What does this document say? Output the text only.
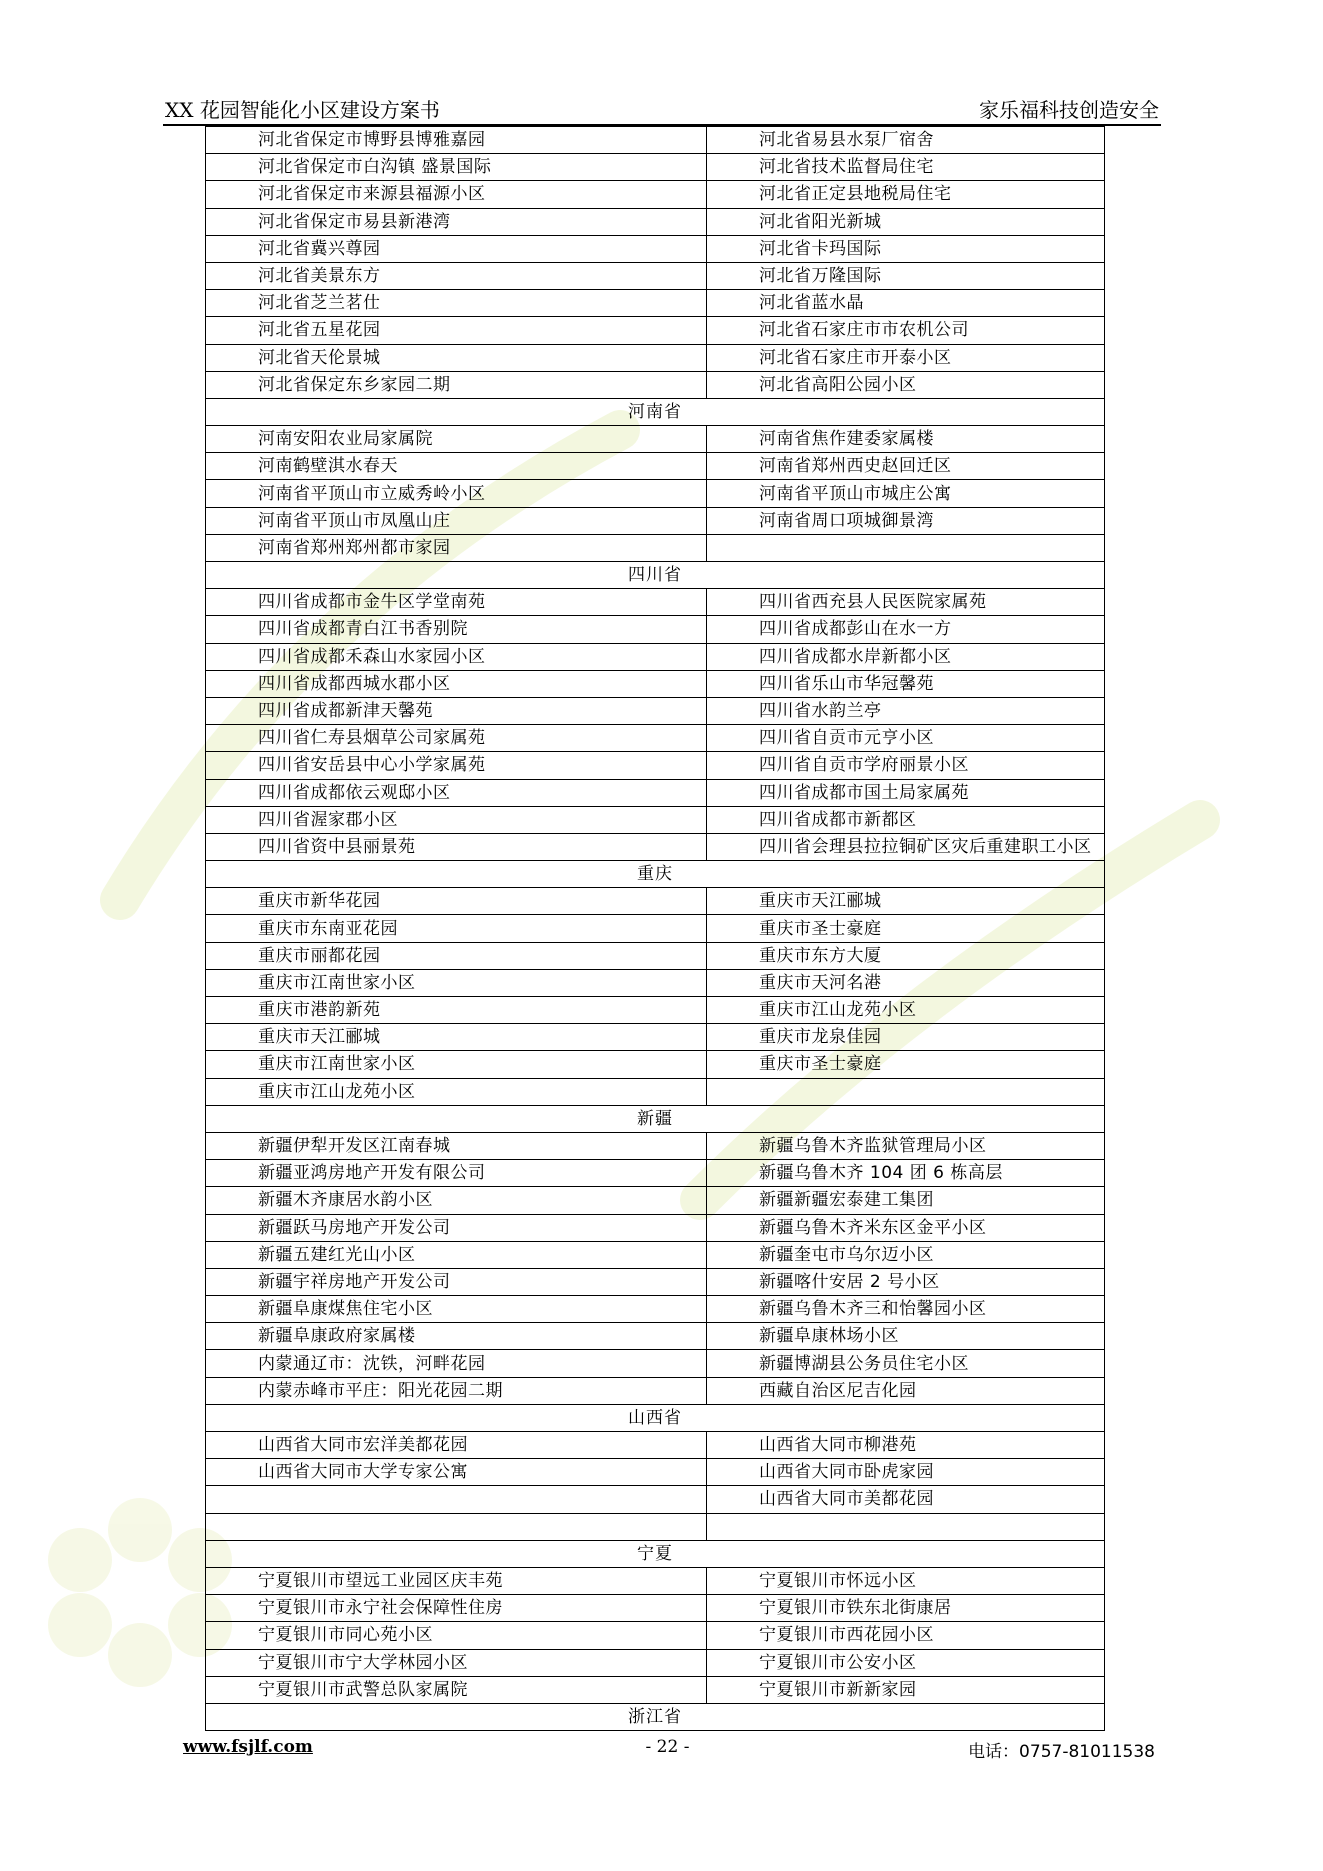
XX 花园智能化小区建设方案书	家乐福科技创造安全
河北省保定市博野县博雅嘉园	河北省易县水泵厂宿舍
河北省保定市白沟镇 盛景国际	河北省技术监督局住宅
河北省保定市来源县福源小区	河北省正定县地税局住宅
河北省保定市易县新港湾	河北省阳光新城
河北省冀兴尊园	河北省卡玛国际
河北省美景东方	河北省万隆国际
河北省芝兰茗仕	河北省蓝水晶
河北省五星花园	河北省石家庄市市农机公司
河北省天伦景城	河北省石家庄市开泰小区
河北省保定东乡家园二期	河北省高阳公园小区
河南省	
河南安阳农业局家属院	河南省焦作建委家属楼
河南鹤壁淇水春天	河南省郑州西史赵回迁区
河南省平顶山市立威秀岭小区	河南省平顶山市城庄公寓
河南省平顶山市凤凰山庄	河南省周口项城御景湾
河南省郑州郑州都市家园	
四川省	
四川省成都市金牛区学堂南苑	四川省西充县人民医院家属苑
四川省成都青白江书香别院	四川省成都彭山在水一方
四川省成都禾森山水家园小区	四川省成都水岸新都小区
四川省成都西城水郡小区	四川省乐山市华冠馨苑
四川省成都新津天馨苑	四川省水韵兰亭
四川省仁寿县烟草公司家属苑	四川省自贡市元亨小区
四川省安岳县中心小学家属苑	四川省自贡市学府丽景小区
四川省成都依云观邸小区	四川省成都市国土局家属苑
四川省渥家郡小区	四川省成都市新都区
四川省资中县丽景苑	四川省会理县拉拉铜矿区灾后重建职工小区
重庆	
重庆市新华花园	重庆市天江郦城
重庆市东南亚花园	重庆市圣士豪庭
重庆市丽都花园	重庆市东方大厦
重庆市江南世家小区	重庆市天河名港
重庆市港韵新苑	重庆市江山龙苑小区
重庆市天江郦城	重庆市龙泉佳园
重庆市江南世家小区	重庆市圣士豪庭
重庆市江山龙苑小区	
新疆	
新疆伊犁开发区江南春城	新疆乌鲁木齐监狱管理局小区
新疆亚鸿房地产开发有限公司	新疆乌鲁木齐 104 团 6 栋高层
新疆木齐康居水韵小区	新疆新疆宏泰建工集团
新疆跃马房地产开发公司	新疆乌鲁木齐米东区金平小区
新疆五建红光山小区	新疆奎屯市乌尔迈小区
新疆宇祥房地产开发公司	新疆喀什安居 2 号小区
新疆阜康煤焦住宅小区	新疆乌鲁木齐三和怡馨园小区
新疆阜康政府家属楼	新疆阜康林场小区
内蒙通辽市：沈铁，河畔花园	新疆博湖县公务员住宅小区
内蒙赤峰市平庄：阳光花园二期	西藏自治区尼吉化园
山西省	
山西省大同市宏洋美都花园	山西省大同市柳港苑
山西省大同市大学专家公寓	山西省大同市卧虎家园
	山西省大同市美都花园

宁夏	
宁夏银川市望远工业园区庆丰苑	宁夏银川市怀远小区
宁夏银川市永宁社会保障性住房	宁夏银川市铁东北街康居
宁夏银川市同心苑小区	宁夏银川市西花园小区
宁夏银川市宁大学林园小区	宁夏银川市公安小区
宁夏银川市武警总队家属院	宁夏银川市新新家园
浙江省	
www.fsjlf.com	- 22 -	电话：0757-81011538
